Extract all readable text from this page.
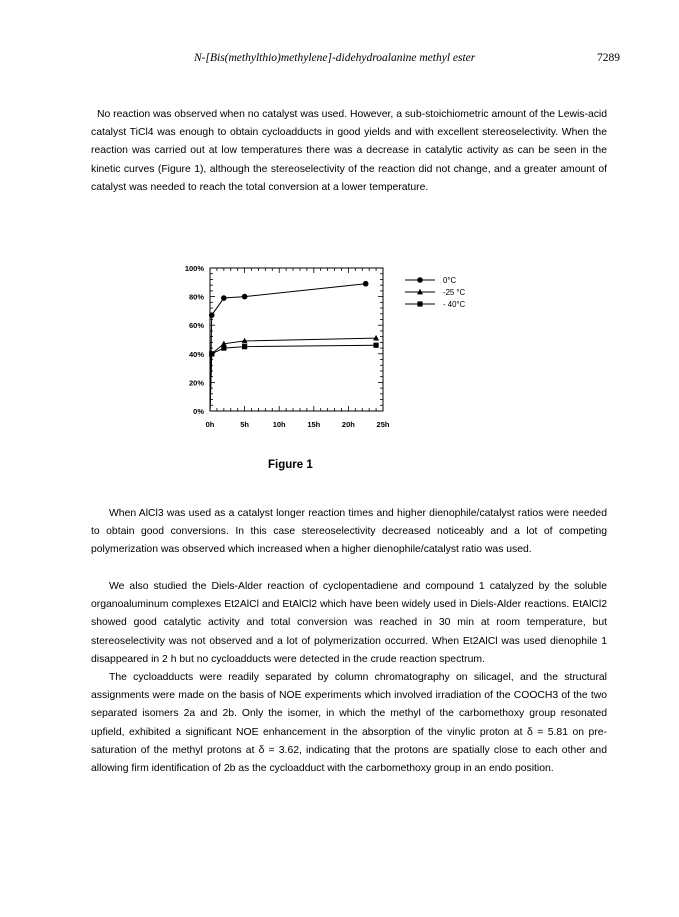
N-[Bis(methylthio)methylene]-didehydroalanine methyl ester	7289

No reaction was observed when no catalyst was used. However, a sub-stoichiometric amount of the Lewis-acid catalyst TiCl4 was enough to obtain cycloadducts in good yields and with excellent stereoselectivity. When the reaction was carried out at low temperatures there was a decrease in catalytic activity as can be seen in the kinetic curves (Figure 1), although the stereoselectivity of the reaction did not change, and a greater amount of catalyst was needed to reach the total conversion at a lower temperature.

0h	5h	10h	15h	20h	25h
0%
20%
40%
60%
80%
100%
0°C
-25 °C
- 40°C
Figure 1

When AlCl3 was used as a catalyst longer reaction times and higher dienophile/catalyst ratios were needed to obtain good conversions. In this case stereoselectivity decreased noticeably and a lot of competing polymerization was observed which increased when a higher dienophile/catalyst ratio was used.

We also studied the Diels-Alder reaction of cyclopentadiene and compound 1 catalyzed by the soluble organoaluminum complexes Et2AlCl and EtAlCl2 which have been widely used in Diels-Alder reactions. EtAlCl2 showed good catalytic activity and total conversion was reached in 30 min at room temperature, but stereoselectivity was not observed and a lot of polymerization occurred. When Et2AlCl was used dienophile 1 disappeared in 2 h but no cycloadducts were detected in the crude reaction spectrum.

The cycloadducts were readily separated by column chromatography on silicagel, and the structural assignments were made on the basis of NOE experiments which involved irradiation of the COOCH3 of the two separated isomers 2a and 2b. Only the isomer, in which the methyl of the carbomethoxy group resonated upfield, exhibited a significant NOE enhancement in the absorption of the vinylic proton at δ = 5.81 on pre-saturation of the methyl protons at δ = 3.62, indicating that the protons are spatially close to each other and allowing firm identification of 2b as the cycloadduct with the carbomethoxy group in an endo position.
